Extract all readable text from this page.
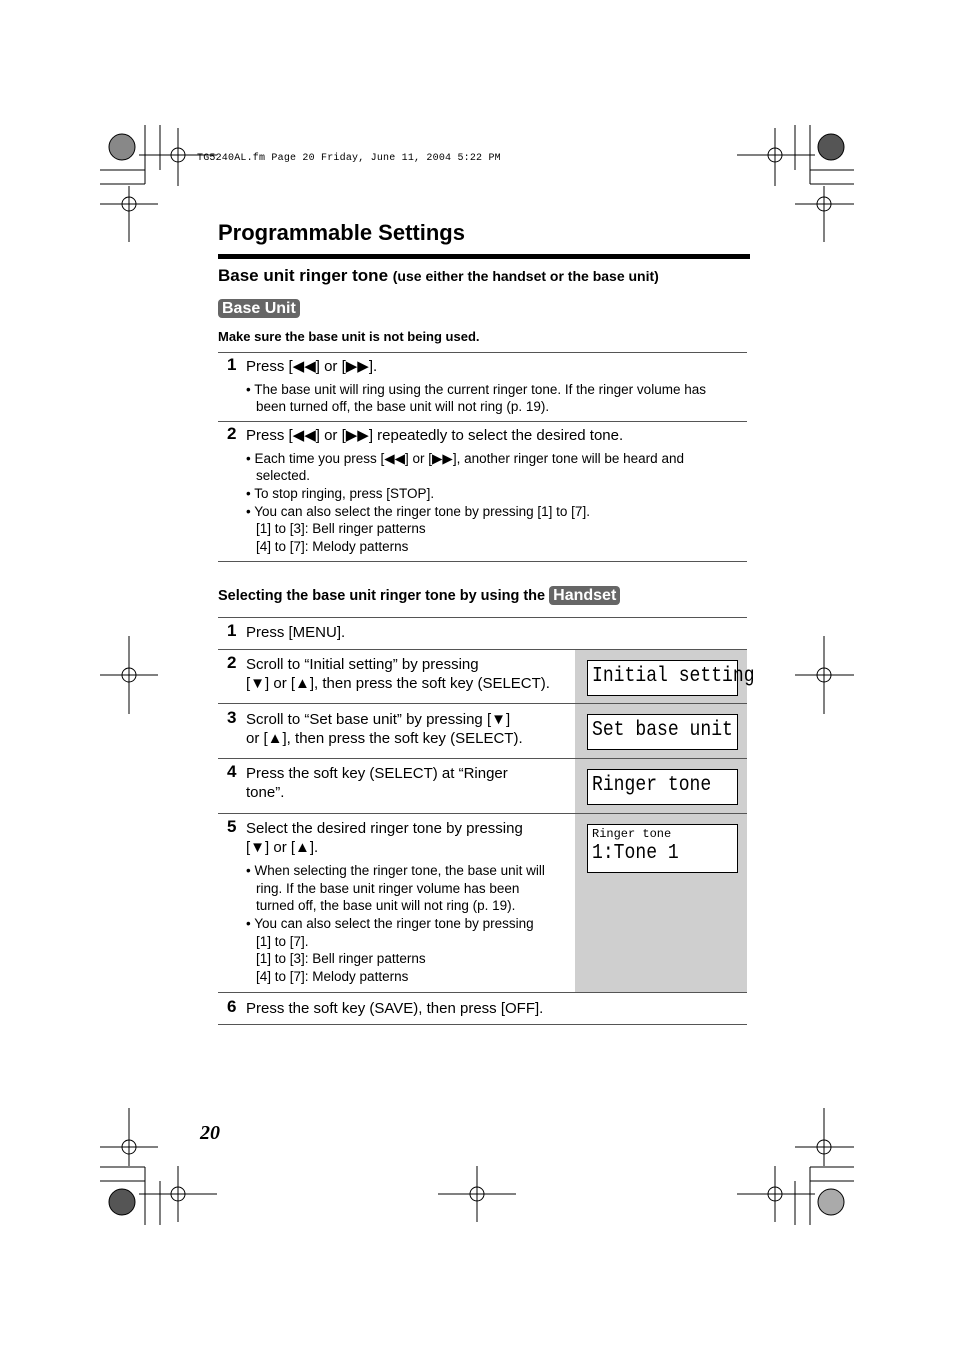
TG5240AL.fm Page 20 Friday, June 11, 2004 5:22 PM
Programmable Settings
Base unit ringer tone (use either the handset or the base unit)
Base Unit
Make sure the base unit is not being used.
1 Press [◀◀] or [▶▶].
• The base unit will ring using the current ringer tone. If the ringer volume has
been turned off, the base unit will not ring (p. 19).
2 Press [◀◀] or [▶▶] repeatedly to select the desired tone.
• Each time you press [◀◀] or [▶▶], another ringer tone will be heard and
selected.
• To stop ringing, press [STOP].
• You can also select the ringer tone by pressing [1] to [7].
[1] to [3]: Bell ringer patterns
[4] to [7]: Melody patterns
Selecting the base unit ringer tone by using the Handset
1 Press [MENU].
2 Scroll to “Initial setting” by pressing
[▼] or [▲], then press the soft key (SELECT). Initial setting
3 Scroll to “Set base unit” by pressing [▼]
or [▲], then press the soft key (SELECT).	Set base unit
4 Press the soft key (SELECT) at “Ringer
tone”.	Ringer tone
5 Select the desired ringer tone by pressing
[▼] or [▲].
• When selecting the ringer tone, the base unit will
ring. If the base unit ringer volume has been
turned off, the base unit will not ring (p. 19).
• You can also select the ringer tone by pressing
[1] to [7].
[1] to [3]: Bell ringer patterns
[4] to [7]: Melody patterns
Ringer tone
1:Tone 1
6 Press the soft key (SAVE), then press [OFF].
20
